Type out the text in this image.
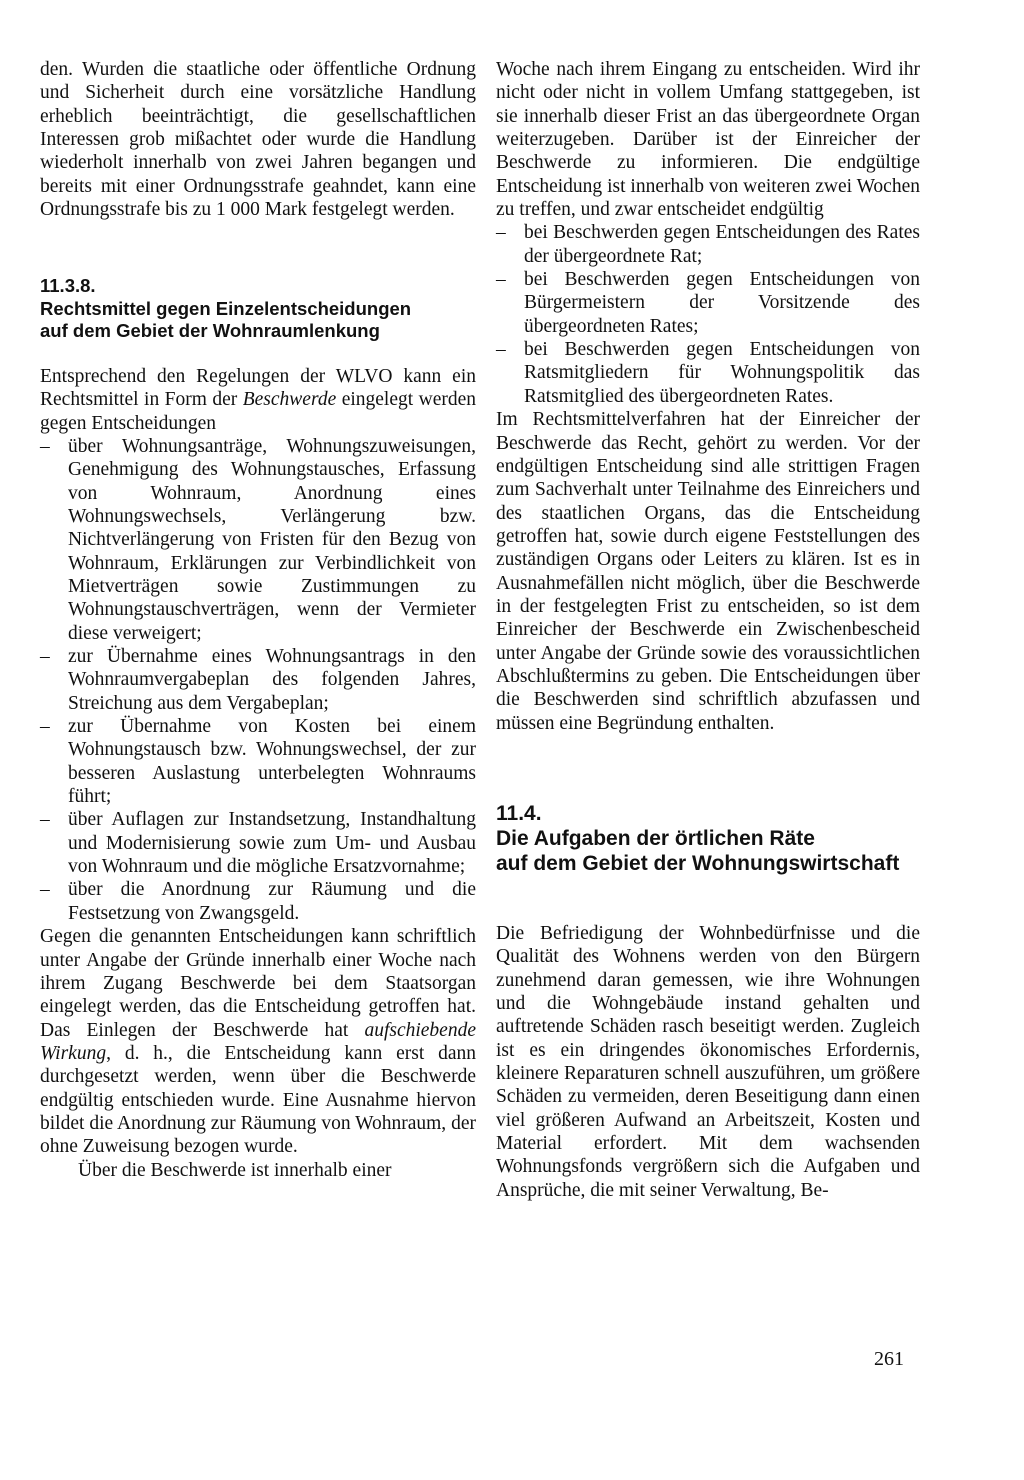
den. Wurden die staatliche oder öffentliche Ordnung und Sicherheit durch eine vorsätzliche Handlung erheblich beeinträchtigt, die gesellschaftlichen Interessen grob mißachtet oder wurde die Handlung wiederholt innerhalb von zwei Jahren begangen und bereits mit einer Ordnungsstrafe geahndet, kann eine Ordnungsstrafe bis zu 1 000 Mark festgelegt werden.

11.3.8.
Rechtsmittel gegen Einzelentscheidungen
auf dem Gebiet der Wohnraumlenkung

Entsprechend den Regelungen der WLVO kann ein Rechtsmittel in Form der Beschwerde eingelegt werden gegen Entscheidungen

– über Wohnungsanträge, Wohnungszuweisungen, Genehmigung des Wohnungstausches, Erfassung von Wohnraum, Anordnung eines Wohnungswechsels, Verlängerung bzw. Nichtverlängerung von Fristen für den Bezug von Wohnraum, Erklärungen zur Verbindlichkeit von Mietverträgen sowie Zustimmungen zu Wohnungstauschverträgen, wenn der Vermieter diese verweigert;
– zur Übernahme eines Wohnungsantrags in den Wohnraumvergabeplan des folgenden Jahres, Streichung aus dem Vergabeplan;
– zur Übernahme von Kosten bei einem Wohnungstausch bzw. Wohnungswechsel, der zur besseren Auslastung unterbelegten Wohnraums führt;
– über Auflagen zur Instandsetzung, Instandhaltung und Modernisierung sowie zum Um- und Ausbau von Wohnraum und die mögliche Ersatzvornahme;
– über die Anordnung zur Räumung und die Festsetzung von Zwangsgeld.

Gegen die genannten Entscheidungen kann schriftlich unter Angabe der Gründe innerhalb einer Woche nach ihrem Zugang Beschwerde bei dem Staatsorgan eingelegt werden, das die Entscheidung getroffen hat. Das Einlegen der Beschwerde hat aufschiebende Wirkung, d. h., die Entscheidung kann erst dann durchgesetzt werden, wenn über die Beschwerde endgültig entschieden wurde. Eine Ausnahme hiervon bildet die Anordnung zur Räumung von Wohnraum, der ohne Zuweisung bezogen wurde.

Über die Beschwerde ist innerhalb einer

Woche nach ihrem Eingang zu entscheiden. Wird ihr nicht oder nicht in vollem Umfang stattgegeben, ist sie innerhalb dieser Frist an das übergeordnete Organ weiterzugeben. Darüber ist der Einreicher der Beschwerde zu informieren. Die endgültige Entscheidung ist innerhalb von weiteren zwei Wochen zu treffen, und zwar entscheidet endgültig

– bei Beschwerden gegen Entscheidungen des Rates der übergeordnete Rat;
– bei Beschwerden gegen Entscheidungen von Bürgermeistern der Vorsitzende des übergeordneten Rates;
– bei Beschwerden gegen Entscheidungen von Ratsmitgliedern für Wohnungspolitik das Ratsmitglied des übergeordneten Rates.

Im Rechtsmittelverfahren hat der Einreicher der Beschwerde das Recht, gehört zu werden. Vor der endgültigen Entscheidung sind alle strittigen Fragen zum Sachverhalt unter Teilnahme des Einreichers und des staatlichen Organs, das die Entscheidung getroffen hat, sowie durch eigene Feststellungen des zuständigen Organs oder Leiters zu klären. Ist es in Ausnahmefällen nicht möglich, über die Beschwerde in der festgelegten Frist zu entscheiden, so ist dem Einreicher der Beschwerde ein Zwischenbescheid unter Angabe der Gründe sowie des voraussichtlichen Abschlußtermins zu geben. Die Entscheidungen über die Beschwerden sind schriftlich abzufassen und müssen eine Begründung enthalten.

11.4.
Die Aufgaben der örtlichen Räte
auf dem Gebiet der Wohnungswirtschaft

Die Befriedigung der Wohnbedürfnisse und die Qualität des Wohnens werden von den Bürgern zunehmend daran gemessen, wie ihre Wohnungen und die Wohngebäude instand gehalten und auftretende Schäden rasch beseitigt werden. Zugleich ist es ein dringendes ökonomisches Erfordernis, kleinere Reparaturen schnell auszuführen, um größere Schäden zu vermeiden, deren Beseitigung dann einen viel größeren Aufwand an Arbeitszeit, Kosten und Material erfordert. Mit dem wachsenden Wohnungsfonds vergrößern sich die Aufgaben und Ansprüche, die mit seiner Verwaltung, Be-

261
